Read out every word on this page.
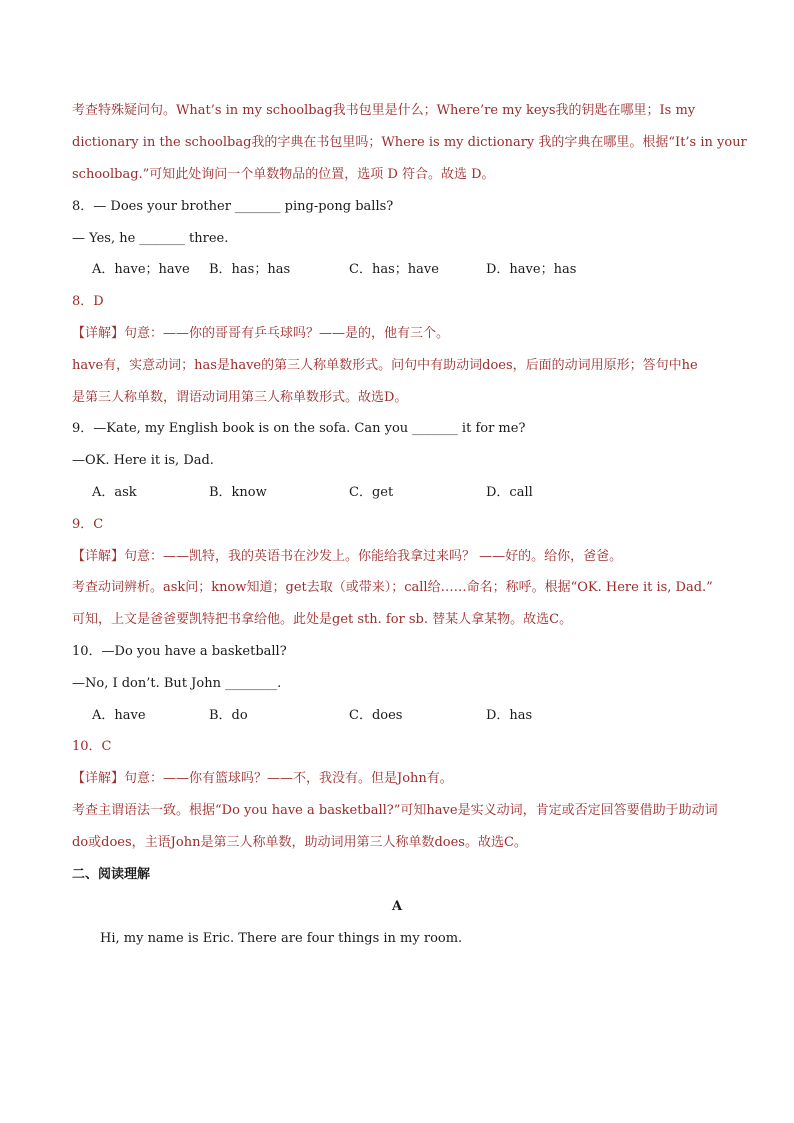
考查特殊疑问句。What’s in my schoolbag我书包里是什么；Where’re my keys我的钥匙在哪里；Is my
dictionary in the schoolbag我的字典在书包里吗；Where is my dictionary 我的字典在哪里。根据“It’s in your
schoolbag.”可知此处询问一个单数物品的位置，选项 D 符合。故选 D。
8．— Does your brother _______ ping-pong balls?
— Yes, he _______ three.
A．have；have B．has；has	C．has；have	D．have；has
8．D
【详解】句意：——你的哥哥有乒乓球吗？——是的，他有三个。
have有，实意动词；has是have的第三人称单数形式。问句中有助动词does，后面的动词用原形；答句中he
是第三人称单数，谓语动词用第三人称单数形式。故选D。
9．—Kate, my English book is on the sofa. Can you _______ it for me?
—OK. Here it is, Dad.
A．ask	B．know	C．get	D．call
9．C
【详解】句意：——凯特，我的英语书在沙发上。你能给我拿过来吗？ ——好的。给你，爸爸。
考查动词辨析。ask问；know知道；get去取（或带来）；call给……命名；称呼。根据“OK. Here it is, Dad.”
可知，上文是爸爸要凯特把书拿给他。此处是get sth. for sb. 替某人拿某物。故选C。
10．—Do you have a basketball?
—No, I don’t. But John ________.
A．have	B．do	C．does	D．has
10．C
【详解】句意：——你有篮球吗？——不，我没有。但是John有。
考查主谓语法一致。根据“Do you have a basketball?”可知have是实义动词，肯定或否定回答要借助于助动词
do或does，主语John是第三人称单数，助动词用第三人称单数does。故选C。
二、阅读理解
A
Hi, my name is Eric. There are four things in my room.
